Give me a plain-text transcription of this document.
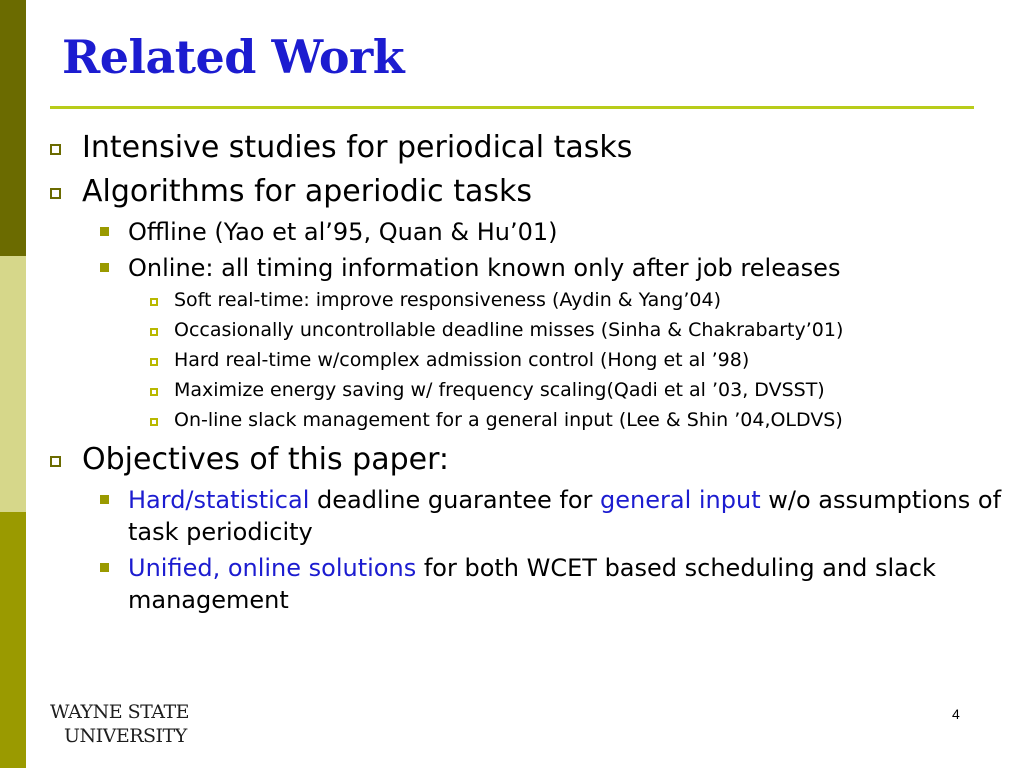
Related Work
Intensive studies for periodical tasks
Algorithms for aperiodic tasks
Offline (Yao et al’95, Quan & Hu’01)
Online: all timing information known only after job releases
Soft real-time: improve responsiveness (Aydin & Yang’04)
Occasionally uncontrollable deadline misses (Sinha & Chakrabarty’01)
Hard real-time w/complex admission control (Hong et al ’98)
Maximize energy saving w/ frequency scaling(Qadi et al ’03, DVSST)
On-line slack management for a general input (Lee & Shin ’04,OLDVS)
Objectives of this paper:
Hard/statistical deadline guarantee for general input w/o assumptions of task periodicity
Unified, online solutions for both WCET based scheduling and slack management
WAYNE STATE
UNIVERSITY
4
